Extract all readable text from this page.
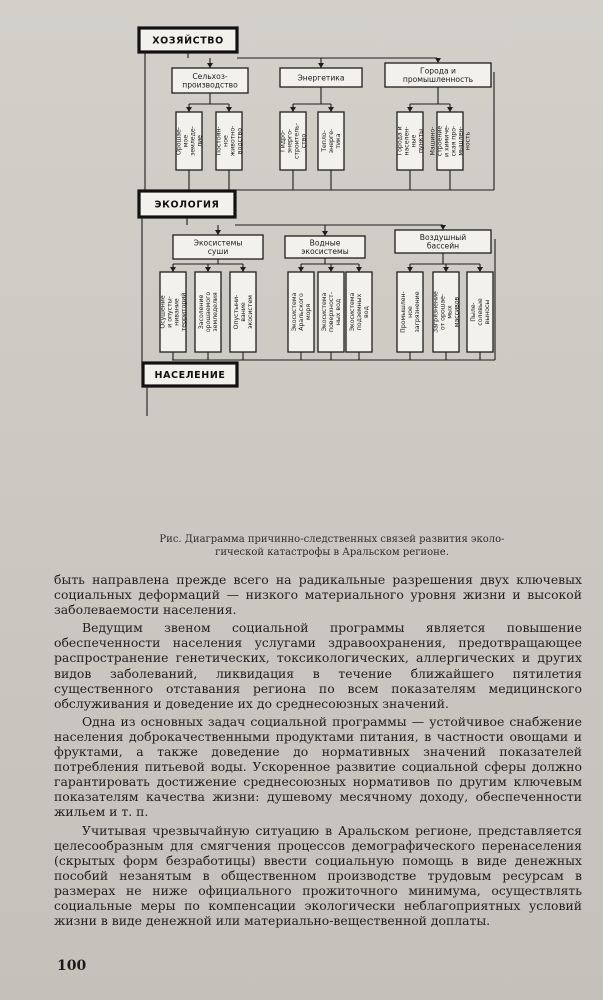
ХОЗЯЙСТВО
Сельхоз-производство
Орошае-моеземледе-лие Постоян-ноеживотно-водство
Энергетика
Гидро-энерго-строитель-ство Тепло-энерге-тика
Города и промышленность
Города инаселен-ныепункты Машино-строениеи химиче-ская про-мышлен-ность
ЭКОЛОГИЯ
Экосистемы суши
Осушениеи опусты-ниваниетерриторий Засолениеорошаемогоземледелия Опустыни-ваниеэкосистем
Водные экосистемы
ЭкосистемаАральскогоморя Экосистемаповерхност-ных вод Экосистемаподземныхвод
Воздушный бассейн
Промышлен-ноезагрязнение Загрязнениеот орошае-мыхмассивов Пыле-солевыевыносы
НАСЕЛЕНИЕ
Рис. Диаграмма причинно-следственных связей развития эколо-
гической катастрофы в Аральском регионе.

быть направлена прежде всего на радикальные разрешения двух ключевых социальных деформаций — низкого материального уровня жизни и высокой заболеваемости населения.

Ведущим звеном социальной программы является повышение обеспеченности населения услугами здравоохранения, предотвращающее распространение генетических, токсикологических, аллергических и других видов заболеваний, ликвидация в течение ближайшего пятилетия существенного отставания региона по всем показателям медицинского обслуживания и доведение их до среднесоюзных значений.

Одна из основных задач социальной программы — устойчивое снабжение населения доброкачественными продуктами питания, в частности овощами и фруктами, а также доведение до нормативных значений показателей потребления питьевой воды. Ускоренное развитие социальной сферы должно гарантировать достижение среднесоюзных нормативов по другим ключевым показателям качества жизни: душевому месячному доходу, обеспеченности жильем и т. п.

Учитывая чрезвычайную ситуацию в Аральском регионе, представляется целесообразным для смягчения процессов демографического перенаселения (скрытых форм безработицы) ввести социальную помощь в виде денежных пособий незанятым в общественном производстве трудовым ресурсам в размерах не ниже официального прожиточного минимума, осуществлять социальные меры по компенсации экологически неблагоприятных условий жизни в виде денежной или материально-вещественной доплаты.

100
